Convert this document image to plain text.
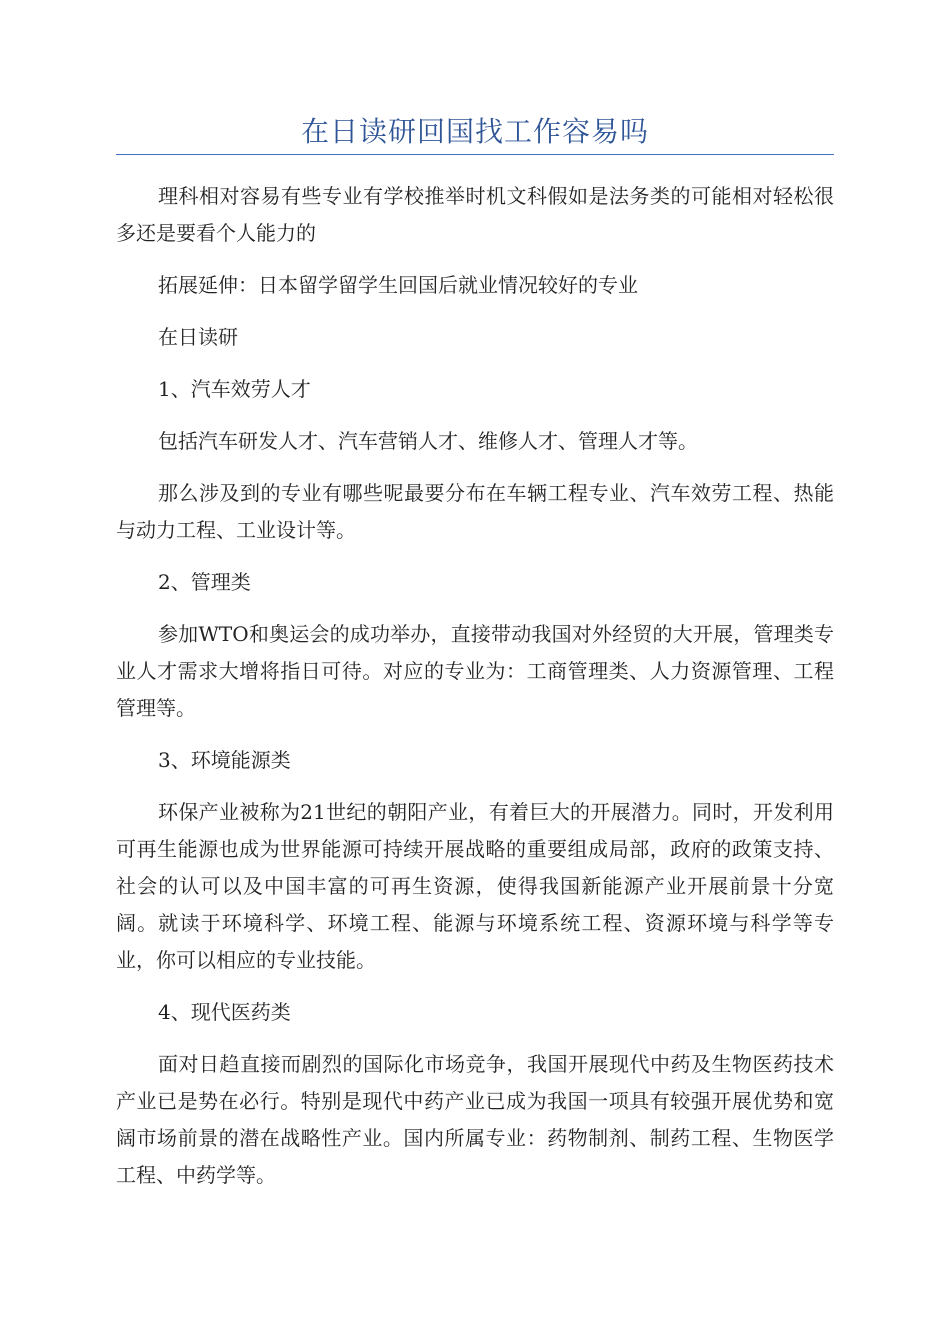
在日读研回国找工作容易吗

理科相对容易有些专业有学校推举时机文科假如是法务类的可能相对轻松很多还是要看个人能力的

拓展延伸：日本留学留学生回国后就业情况较好的专业

在日读研

1、汽车效劳人才

包括汽车研发人才、汽车营销人才、维修人才、管理人才等。

那么涉及到的专业有哪些呢最要分布在车辆工程专业、汽车效劳工程、热能与动力工程、工业设计等。

2、管理类

参加WTO和奥运会的成功举办，直接带动我国对外经贸的大开展，管理类专业人才需求大增将指日可待。对应的专业为：工商管理类、人力资源管理、工程管理等。

3、环境能源类

环保产业被称为21世纪的朝阳产业，有着巨大的开展潜力。同时，开发利用可再生能源也成为世界能源可持续开展战略的重要组成局部，政府的政策支持、社会的认可以及中国丰富的可再生资源，使得我国新能源产业开展前景十分宽阔。就读于环境科学、环境工程、能源与环境系统工程、资源环境与科学等专业，你可以相应的专业技能。

4、现代医药类

面对日趋直接而剧烈的国际化市场竞争，我国开展现代中药及生物医药技术产业已是势在必行。特别是现代中药产业已成为我国一项具有较强开展优势和宽阔市场前景的潜在战略性产业。国内所属专业：药物制剂、制药工程、生物医学工程、中药学等。
